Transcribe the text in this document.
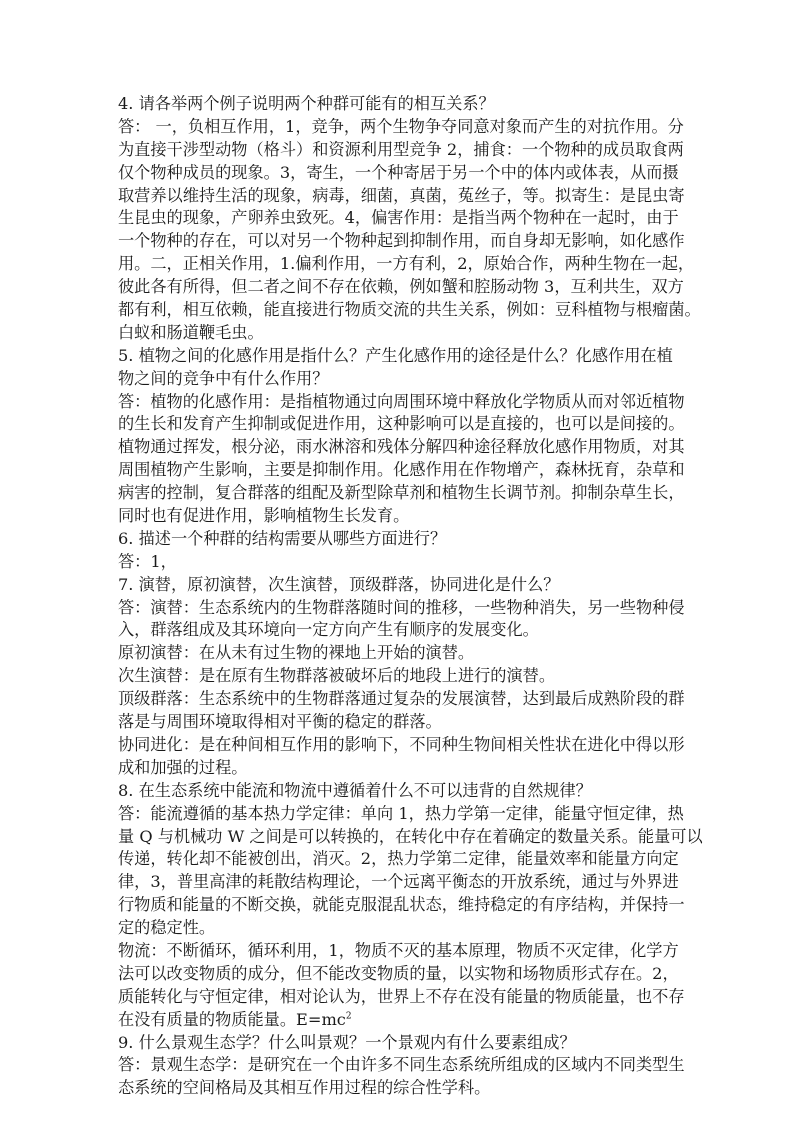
4. 请各举两个例子说明两个种群可能有的相互关系？
答： 一，负相互作用，1，竞争，两个生物争夺同意对象而产生的对抗作用。分
为直接干涉型动物（格斗）和资源利用型竞争 2，捕食：一个物种的成员取食两
仅个物种成员的现象。3，寄生，一个种寄居于另一个中的体内或体表，从而摄
取营养以维持生活的现象，病毒，细菌，真菌，菟丝子，等。拟寄生：是昆虫寄
生昆虫的现象，产卵养虫致死。4，偏害作用：是指当两个物种在一起时，由于
一个物种的存在，可以对另一个物种起到抑制作用，而自身却无影响，如化感作
用。二，正相关作用，1.偏利作用，一方有利，2，原始合作，两种生物在一起，
彼此各有所得，但二者之间不存在依赖，例如蟹和腔肠动物 3，互利共生，双方
都有利，相互依赖，能直接进行物质交流的共生关系，例如：豆科植物与根瘤菌。
白蚁和肠道鞭毛虫。
5. 植物之间的化感作用是指什么？产生化感作用的途径是什么？化感作用在植
物之间的竞争中有什么作用？
答：植物的化感作用：是指植物通过向周围环境中释放化学物质从而对邻近植物
的生长和发育产生抑制或促进作用，这种影响可以是直接的，也可以是间接的。
植物通过挥发，根分泌，雨水淋溶和残体分解四种途径释放化感作用物质，对其
周围植物产生影响，主要是抑制作用。化感作用在作物增产，森林抚育，杂草和
病害的控制，复合群落的组配及新型除草剂和植物生长调节剂。抑制杂草生长，
同时也有促进作用，影响植物生长发育。
6. 描述一个种群的结构需要从哪些方面进行？
答：1，
7. 演替，原初演替，次生演替，顶级群落，协同进化是什么？
答：演替：生态系统内的生物群落随时间的推移，一些物种消失，另一些物种侵
入，群落组成及其环境向一定方向产生有顺序的发展变化。
原初演替：在从未有过生物的裸地上开始的演替。
次生演替：是在原有生物群落被破坏后的地段上进行的演替。
顶级群落：生态系统中的生物群落通过复杂的发展演替，达到最后成熟阶段的群
落是与周围环境取得相对平衡的稳定的群落。
协同进化：是在种间相互作用的影响下，不同种生物间相关性状在进化中得以形
成和加强的过程。
8. 在生态系统中能流和物流中遵循着什么不可以违背的自然规律？
答：能流遵循的基本热力学定律：单向 1，热力学第一定律，能量守恒定律，热
量 Q 与机械功 W 之间是可以转换的，在转化中存在着确定的数量关系。能量可以
传递，转化却不能被创出，消灭。2，热力学第二定律，能量效率和能量方向定
律，3，普里高津的耗散结构理论，一个远离平衡态的开放系统，通过与外界进
行物质和能量的不断交换，就能克服混乱状态，维持稳定的有序结构，并保持一
定的稳定性。
物流：不断循环，循环利用，1，物质不灭的基本原理，物质不灭定律，化学方
法可以改变物质的成分，但不能改变物质的量，以实物和场物质形式存在。2，
质能转化与守恒定律，相对论认为，世界上不存在没有能量的物质能量，也不存
在没有质量的物质能量。$E=mc^2$
9. 什么景观生态学？什么叫景观？一个景观内有什么要素组成？
答：景观生态学：是研究在一个由许多不同生态系统所组成的区域内不同类型生
态系统的空间格局及其相互作用过程的综合性学科。
